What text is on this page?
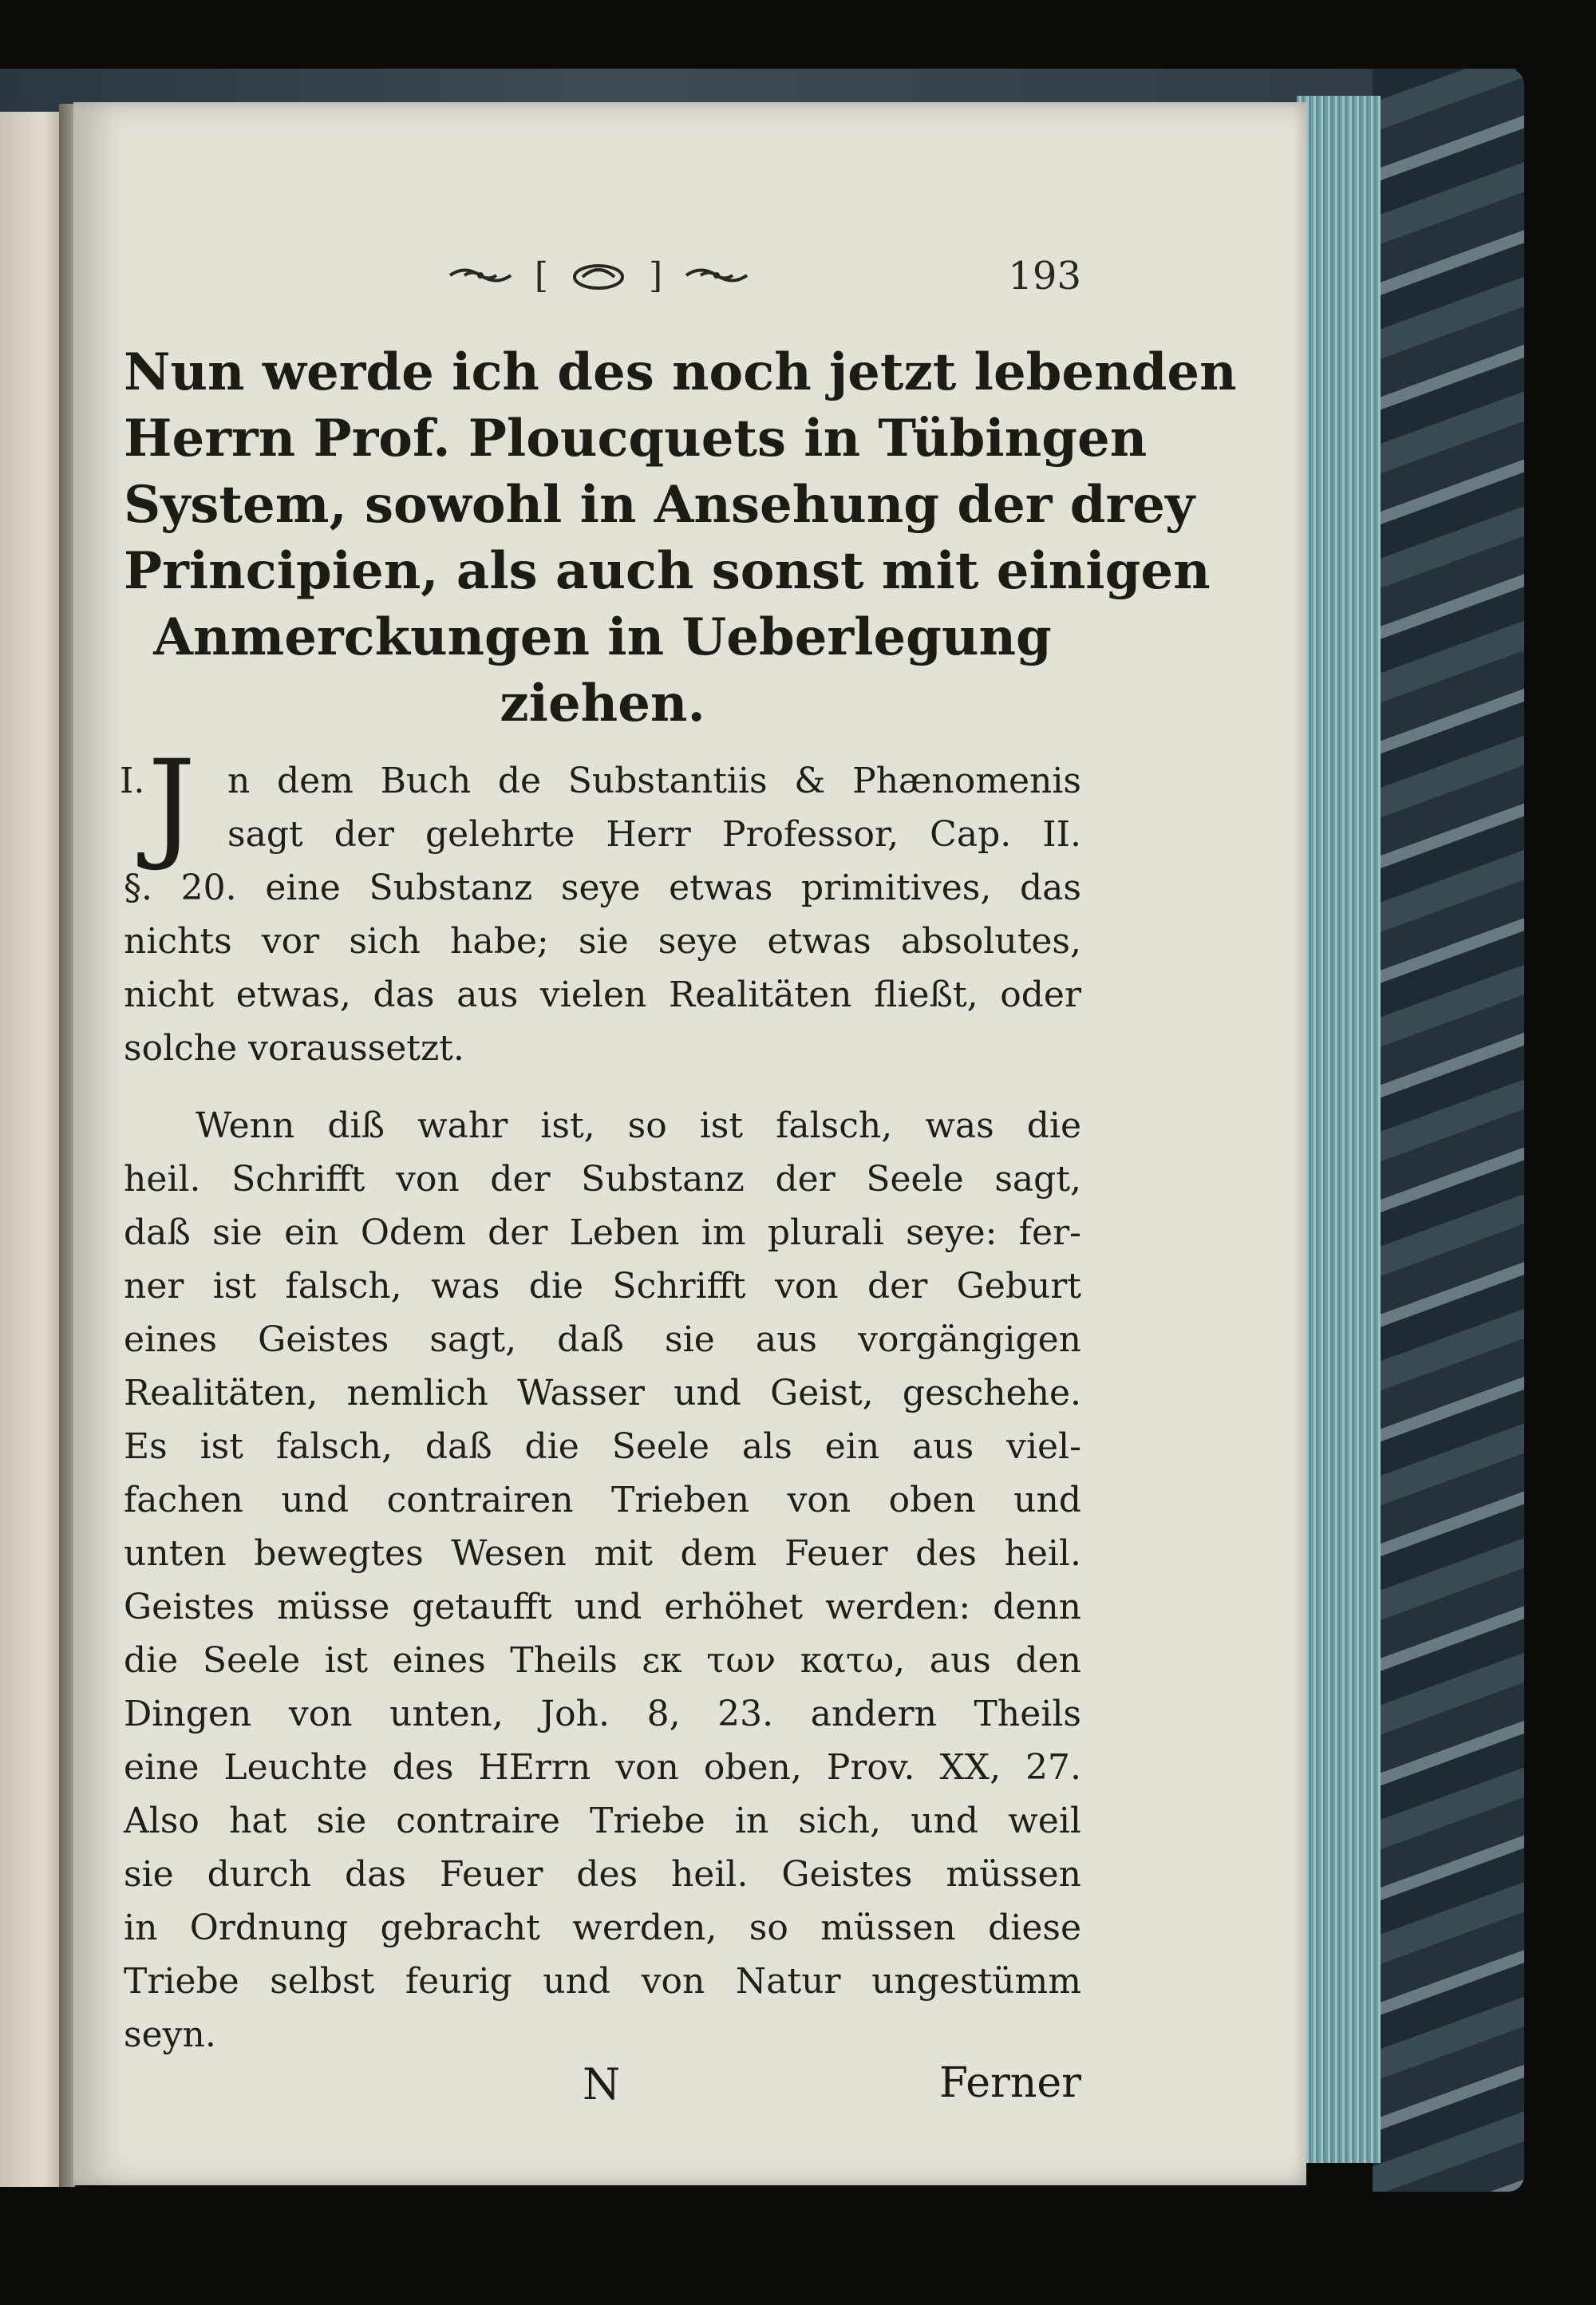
[	]	193
Nun werde ich des noch jetzt lebenden
Herrn Prof. Ploucquets in Tübingen
System, sowohl in Ansehung der drey
Principien, als auch sonst mit einigen
Anmerckungen in Ueberlegung
ziehen.
I. J n dem Buch de Substantiis & Phænomenis
sagt der gelehrte Herr Professor, Cap. II.
§. 20. eine Substanz seye etwas primitives, das
nichts vor sich habe; sie seye etwas absolutes,
nicht etwas, das aus vielen Realitäten fließt, oder
solche voraussetzt.
Wenn diß wahr ist, so ist falsch, was die
heil. Schrifft von der Substanz der Seele sagt,
daß sie ein Odem der Leben im plurali seye: fer-
ner ist falsch, was die Schrifft von der Geburt
eines Geistes sagt, daß sie aus vorgängigen
Realitäten, nemlich Wasser und Geist, geschehe.
Es ist falsch, daß die Seele als ein aus viel-
fachen und contrairen Trieben von oben und
unten bewegtes Wesen mit dem Feuer des heil.
Geistes müsse getaufft und erhöhet werden: denn
die Seele ist eines Theils εκ των κατω, aus den
Dingen von unten, Joh. 8, 23. andern Theils
eine Leuchte des HErrn von oben, Prov. XX, 27.
Also hat sie contraire Triebe in sich, und weil
sie durch das Feuer des heil. Geistes müssen
in Ordnung gebracht werden, so müssen diese
Triebe selbst feurig und von Natur ungestümm
seyn.
N	Ferner
